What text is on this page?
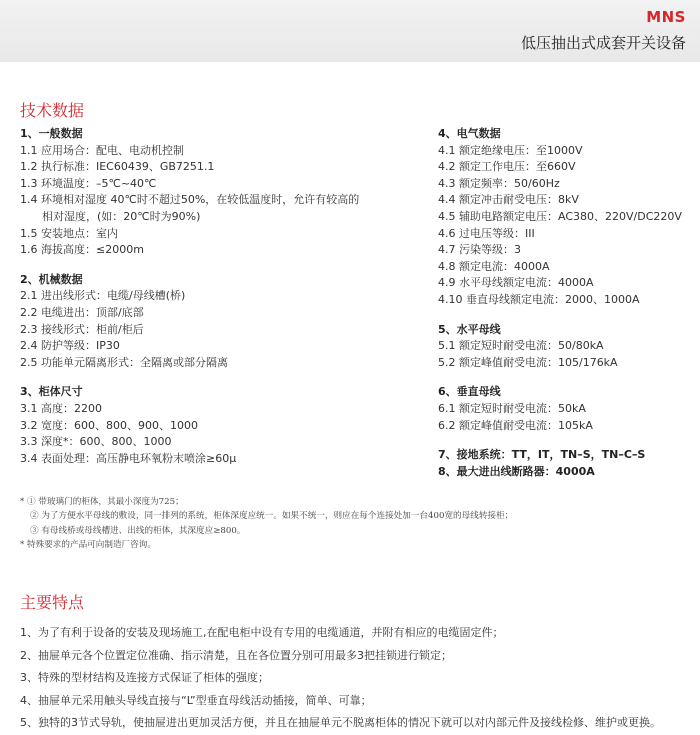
MNS
低压抽出式成套开关设备
技术数据
1、一般数据
1.1 应用场合：配电、电动机控制
1.2 执行标准：IEC60439、GB7251.1
1.3 环境温度：–5℃~40℃
1.4 环境相对湿度 40℃时不超过50%，在较低温度时，允许有较高的
相对湿度，(如：20℃时为90%)
1.5 安装地点：室内
1.6 海拔高度：≤2000m
2、机械数据
2.1 进出线形式：电缆/母线槽(桥)
2.2 电缆进出：顶部/底部
2.3 接线形式：柜前/柜后
2.4 防护等级：IP30
2.5 功能单元隔离形式：全隔离或部分隔离
3、柜体尺寸
3.1 高度：2200
3.2 宽度：600、800、900、1000
3.3 深度*：600、800、1000
3.4 表面处理：高压静电环氧粉末喷涂≥60μ
4、电气数据
4.1 额定绝缘电压：至1000V
4.2 额定工作电压：至660V
4.3 额定频率：50/60Hz
4.4 额定冲击耐受电压：8kV
4.5 辅助电路额定电压：AC380、220V/DC220V
4.6 过电压等级：III
4.7 污染等级：3
4.8 额定电流：4000A
4.9 水平母线额定电流：4000A
4.10 垂直母线额定电流：2000、1000A
5、水平母线
5.1 额定短时耐受电流：50/80kA
5.2 额定峰值耐受电流：105/176kA
6、垂直母线
6.1 额定短时耐受电流：50kA
6.2 额定峰值耐受电流：105kA
7、接地系统：TT，IT，TN–S，TN–C–S
8、最大进出线断路器：4000A
* ① 带玻璃门的柜体，其最小深度为725；
② 为了方便水平母线的敷设，同一排列的系统，柜体深度应统一。如果不统一，则应在每个连接处加一台400宽的母线转接柜；
③ 有母线桥或母线槽进、出线的柜体，其深度应≥800。
* 特殊要求的产品可向制造厂咨询。
主要特点
1、为了有利于设备的安装及现场施工,在配电柜中设有专用的电缆通道，并附有相应的电缆固定件；
2、抽屉单元各个位置定位准确、指示清楚，且在各位置分别可用最多3把挂锁进行锁定；
3、特殊的型材结构及连接方式保证了柜体的强度；
4、抽屉单元采用触头导线直接与“L”型垂直母线活动插接，简单、可靠；
5、独特的3节式导轨，使抽屉进出更加灵活方便，并且在抽屉单元不脱离柜体的情况下就可以对内部元件及接线检修、维护或更换。
